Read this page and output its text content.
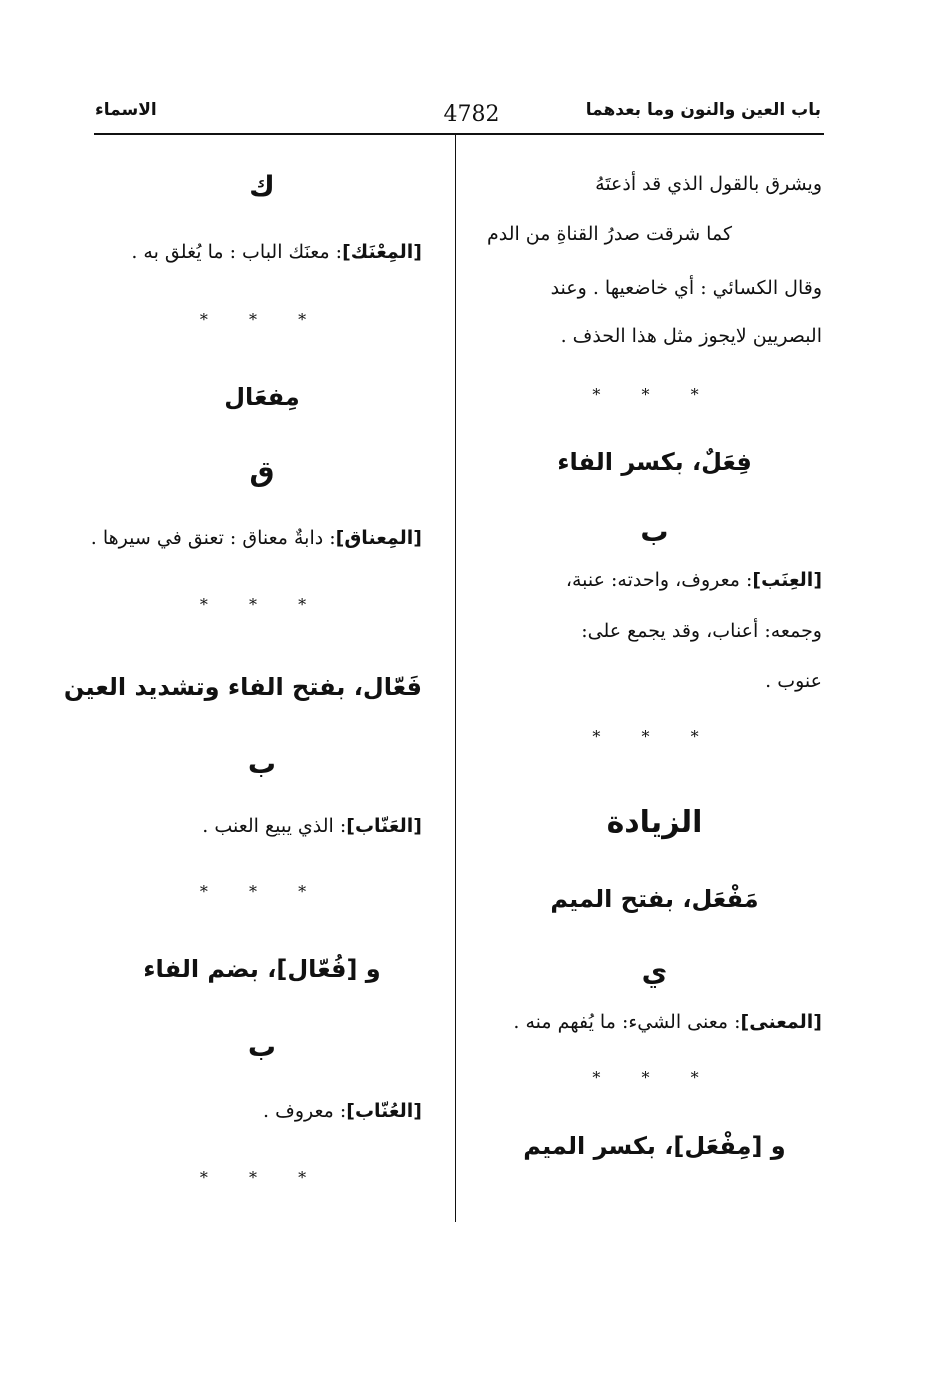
باب العين والنون وما بعدهما
4782
الاسماء
ويشرق بالقول الذي قد أذعتَهُ
كما شرقت صدرُ القناةِ من الدم
وقال الكسائي : أي خاضعيها . وعند
البصريين لايجوز مثل هذا الحذف .
* * *
فِعَلٌ، بكسر الفاء
ب
[العِنَب]: معروف، واحدته: عنبة،
وجمعه: أعناب، وقد يجمع على:
عنوب .
* * *
الزيادة
مَفْعَل، بفتح الميم
ي
[المعنى]: معنى الشيء: ما يُفهم منه .
* * *
و [مِفْعَل]، بكسر الميم
ك
[المِعْنَك]: معنَك الباب : ما يُغلق به .
* * *
مِفعَال
ق
[المِعناق]: دابةٌ معناق : تعنق في سيرها .
* * *
فَعّال، بفتح الفاء وتشديد العين
ب
[العَنّاب]: الذي يبيع العنب .
* * *
و [فُعّال]، بضم الفاء
ب
[العُنّاب]: معروف .
* * *
